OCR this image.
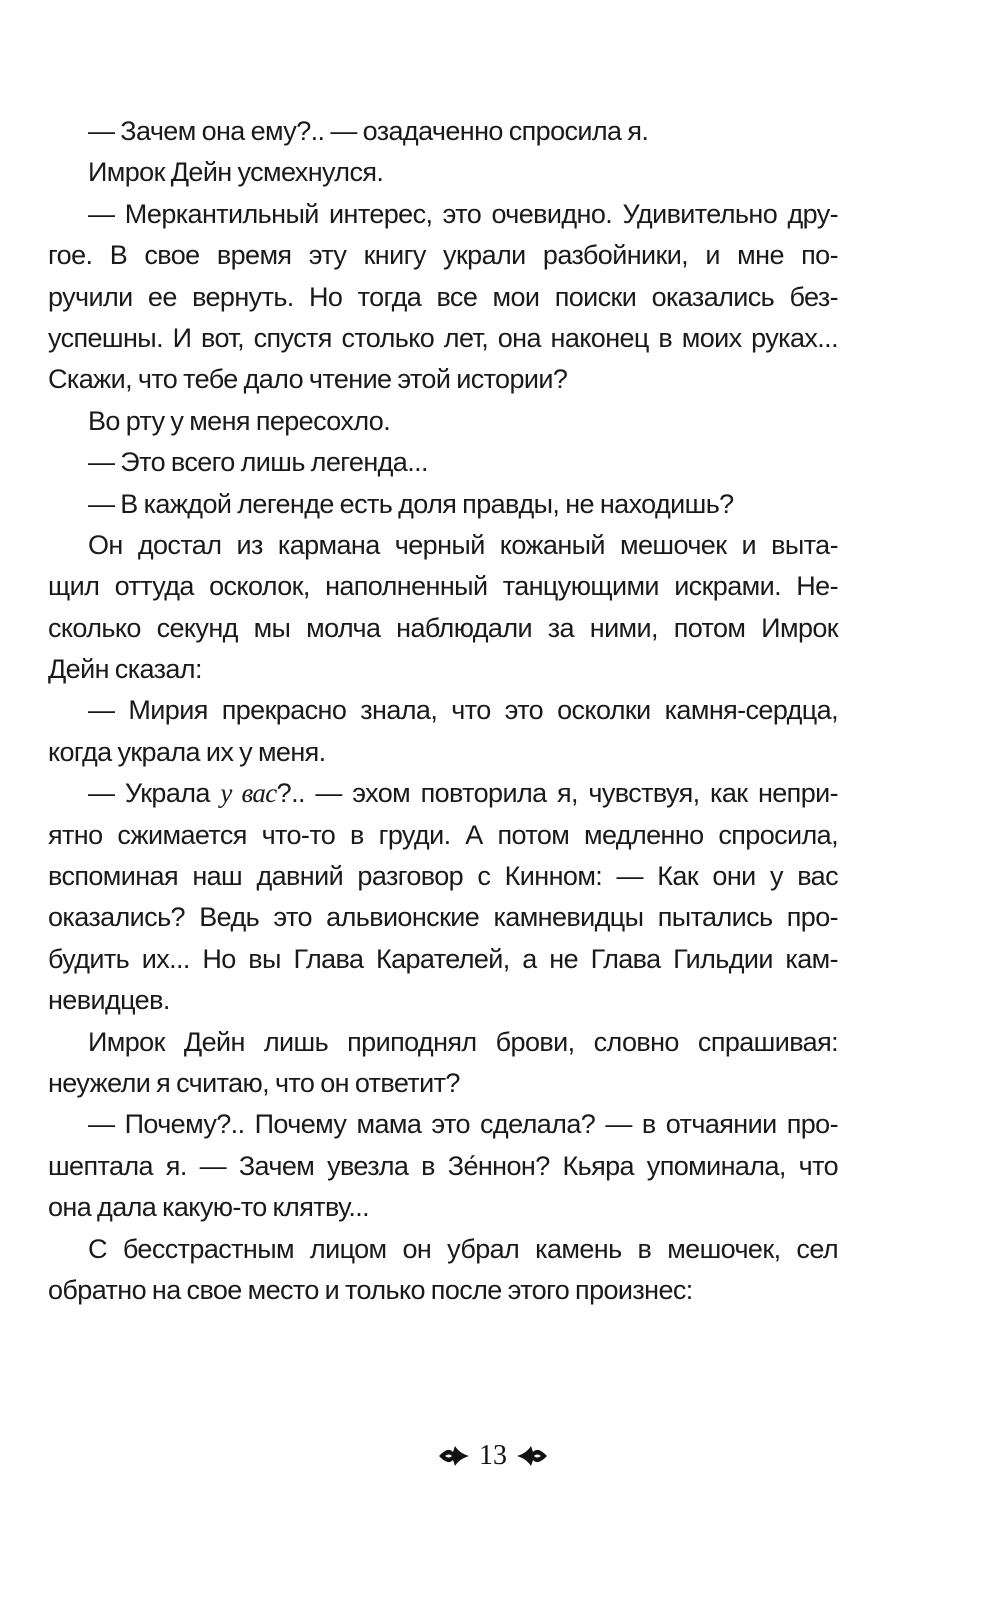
— Зачем она ему?.. — озадаченно спросила я.
Имрок Дейн усмехнулся.
— Меркантильный интерес, это очевидно. Удивительно дру-
гое. В свое время эту книгу украли разбойники, и мне по-
ручили ее вернуть. Но тогда все мои поиски оказались без-
успешны. И вот, спустя столько лет, она наконец в моих руках...
Скажи, что тебе дало чтение этой истории?
Во рту у меня пересохло.
— Это всего лишь легенда...
— В каждой легенде есть доля правды, не находишь?
Он достал из кармана черный кожаный мешочек и выта-
щил оттуда осколок, наполненный танцующими искрами. Не-
сколько секунд мы молча наблюдали за ними, потом Имрок
Дейн сказал:
— Мирия прекрасно знала, что это осколки камня-сердца,
когда украла их у меня.
— Украла у вас?.. — эхом повторила я, чувствуя, как непри-
ятно сжимается что-то в груди. А потом медленно спросила,
вспоминая наш давний разговор с Кинном: — Как они у вас
оказались? Ведь это альвионские камневидцы пытались про-
будить их... Но вы Глава Карателей, а не Глава Гильдии кам-
невидцев.
Имрок Дейн лишь приподнял брови, словно спрашивая:
неужели я считаю, что он ответит?
— Почему?.. Почему мама это сделала? — в отчаянии про-
шептала я. — Зачем увезла в Зе́ннон? Кьяра упоминала, что
она дала какую-то клятву...
С бесстрастным лицом он убрал камень в мешочек, сел
обратно на свое место и только после этого произнес:
13
